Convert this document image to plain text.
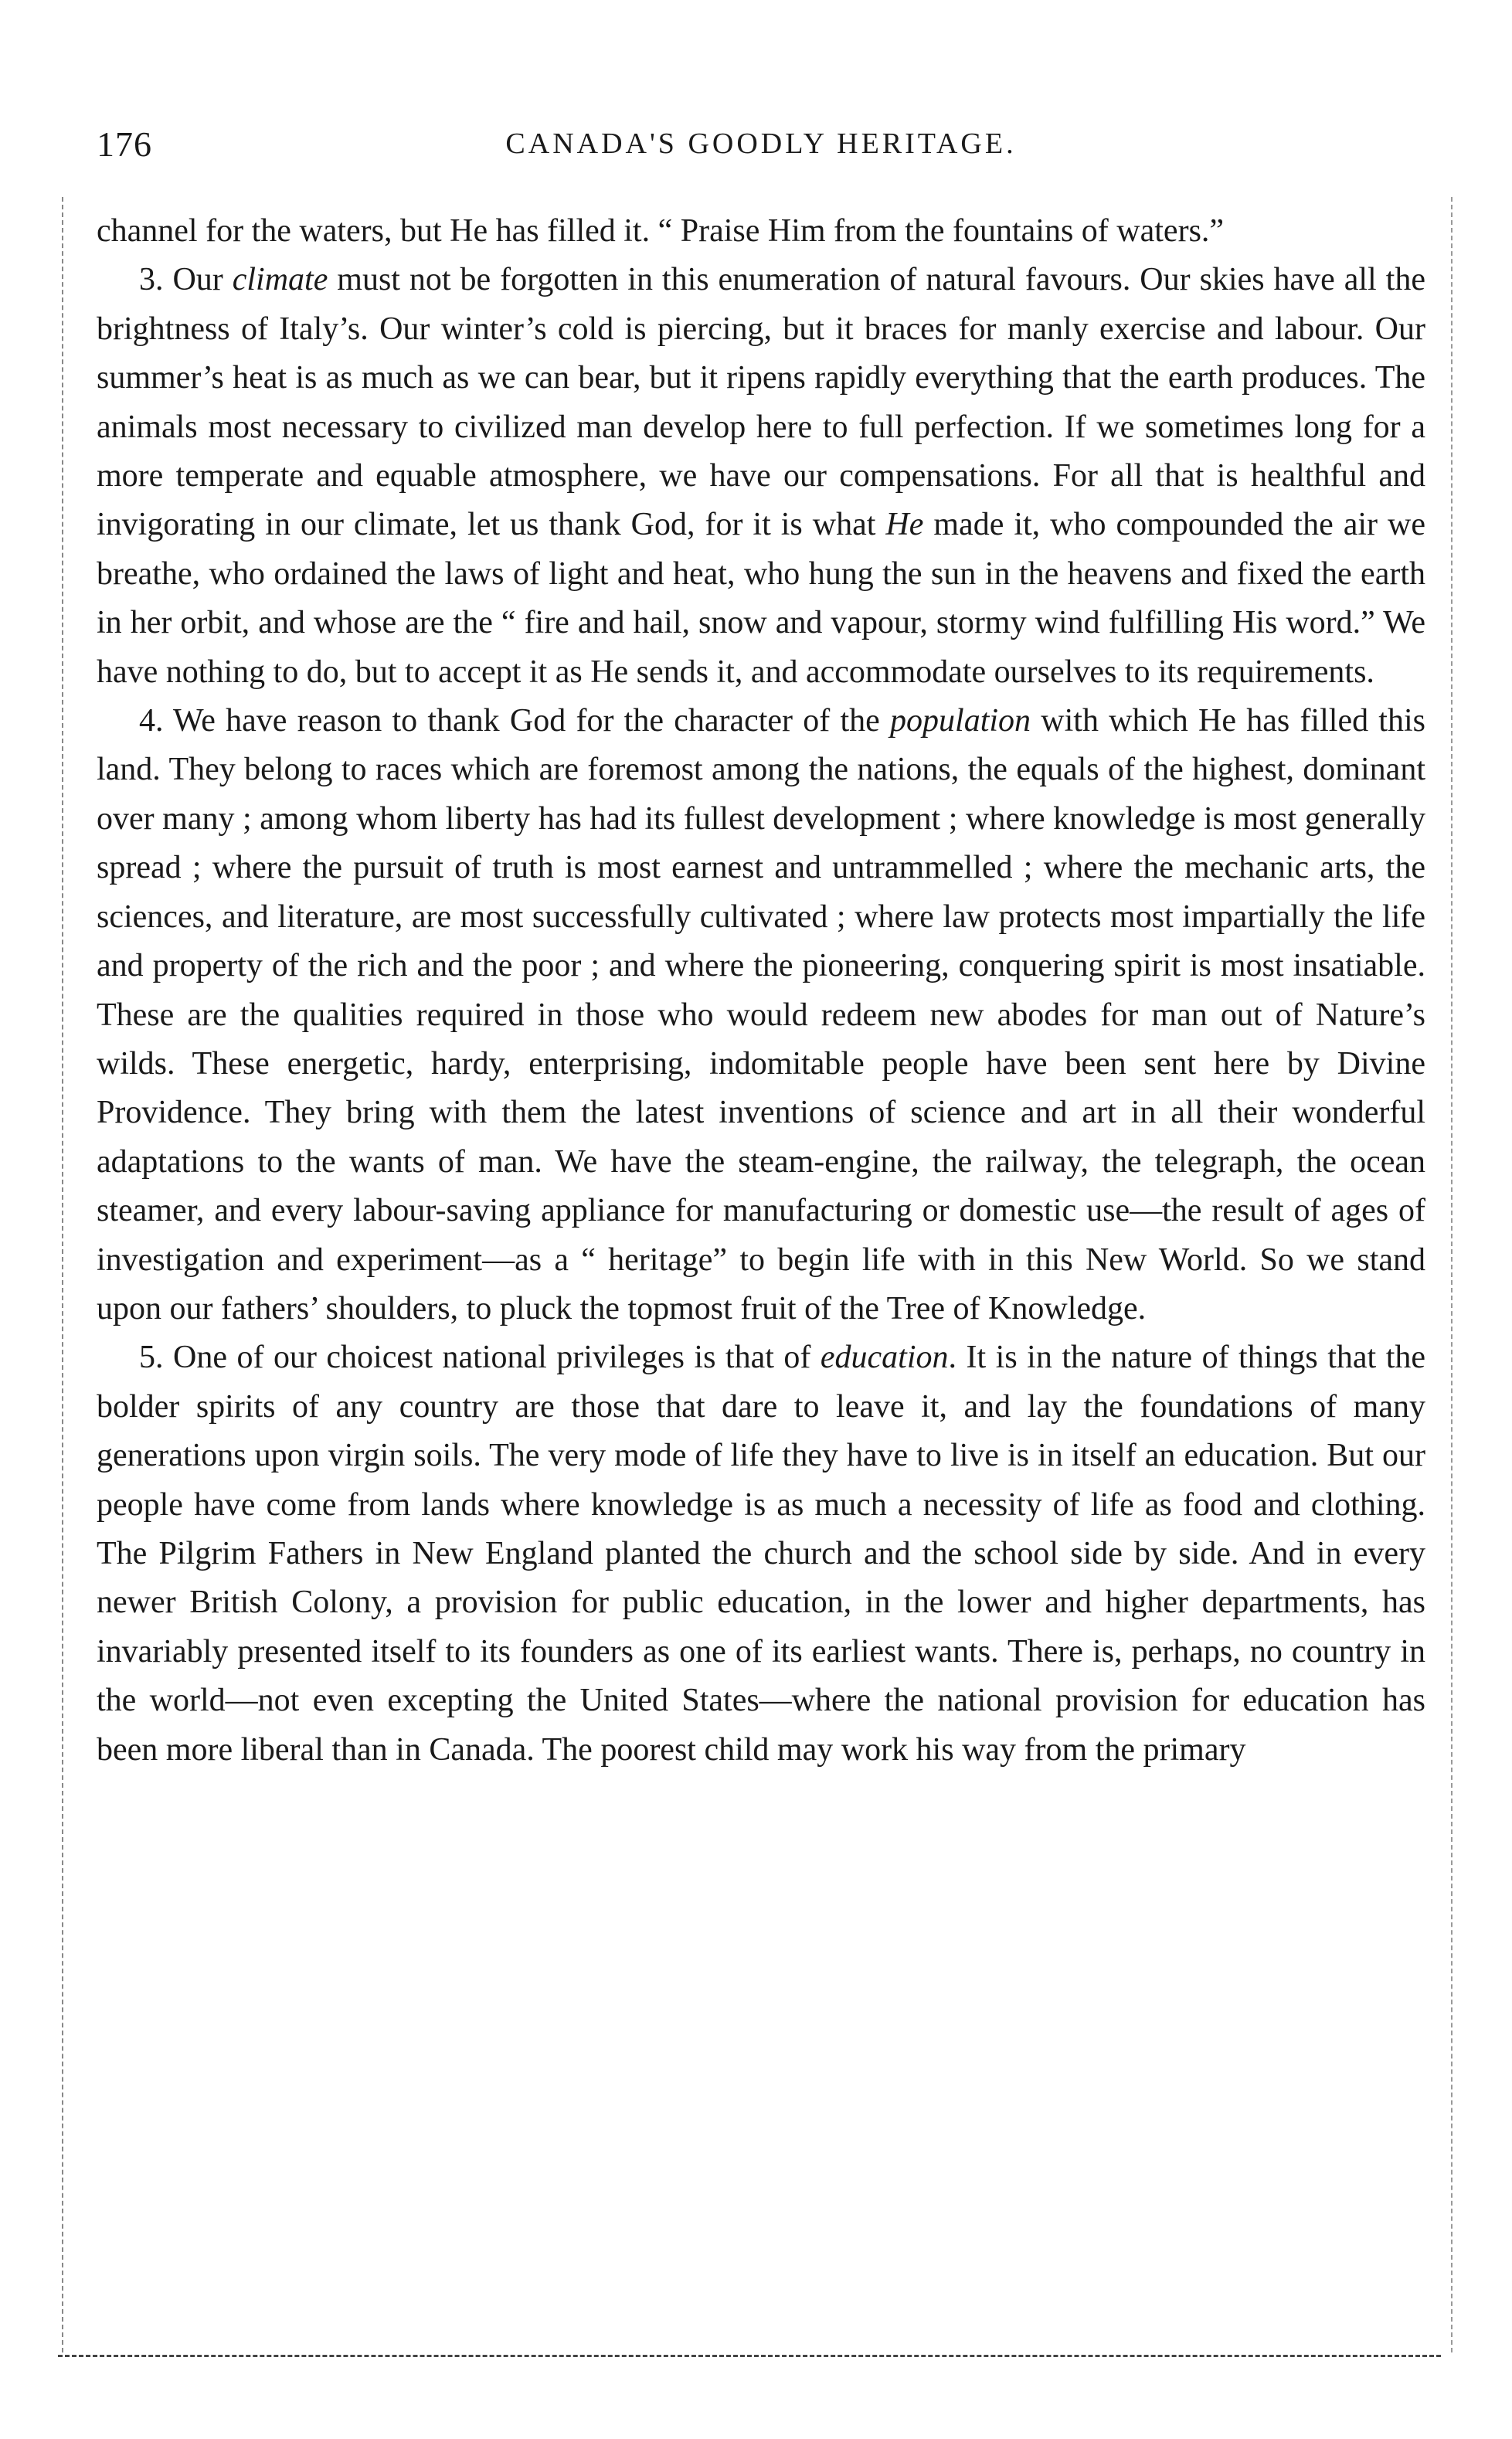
176	CANADA'S GOODLY HERITAGE.

channel for the waters, but He has filled it. “ Praise Him from the fountains of waters.”

3. Our climate must not be forgotten in this enumeration of natural favours. Our skies have all the brightness of Italy’s. Our winter’s cold is piercing, but it braces for manly exercise and labour. Our summer’s heat is as much as we can bear, but it ripens rapidly everything that the earth produces. The animals most necessary to civilized man develop here to full perfection. If we sometimes long for a more temperate and equable atmosphere, we have our compensations. For all that is healthful and invigorating in our climate, let us thank God, for it is what He made it, who compounded the air we breathe, who ordained the laws of light and heat, who hung the sun in the heavens and fixed the earth in her orbit, and whose are the “ fire and hail, snow and vapour, stormy wind fulfilling His word.” We have nothing to do, but to accept it as He sends it, and accommodate ourselves to its requirements.

4. We have reason to thank God for the character of the population with which He has filled this land. They belong to races which are foremost among the nations, the equals of the highest, dominant over many ; among whom liberty has had its fullest development ; where knowledge is most generally spread ; where the pursuit of truth is most earnest and untrammelled ; where the mechanic arts, the sciences, and literature, are most successfully cultivated ; where law protects most impartially the life and property of the rich and the poor ; and where the pioneering, conquering spirit is most insatiable. These are the qualities required in those who would redeem new abodes for man out of Nature’s wilds. These energetic, hardy, enterprising, indomitable people have been sent here by Divine Providence. They bring with them the latest inventions of science and art in all their wonderful adaptations to the wants of man. We have the steam-engine, the railway, the telegraph, the ocean steamer, and every labour-saving appliance for manufacturing or domestic use—the result of ages of investigation and experiment—as a “ heritage” to begin life with in this New World. So we stand upon our fathers’ shoulders, to pluck the topmost fruit of the Tree of Knowledge.

5. One of our choicest national privileges is that of education. It is in the nature of things that the bolder spirits of any country are those that dare to leave it, and lay the foundations of many generations upon virgin soils. The very mode of life they have to live is in itself an education. But our people have come from lands where knowledge is as much a necessity of life as food and clothing. The Pilgrim Fathers in New England planted the church and the school side by side. And in every newer British Colony, a provision for public education, in the lower and higher departments, has invariably presented itself to its founders as one of its earliest wants. There is, perhaps, no country in the world—not even excepting the United States—where the national provision for education has been more liberal than in Canada. The poorest child may work his way from the primary
